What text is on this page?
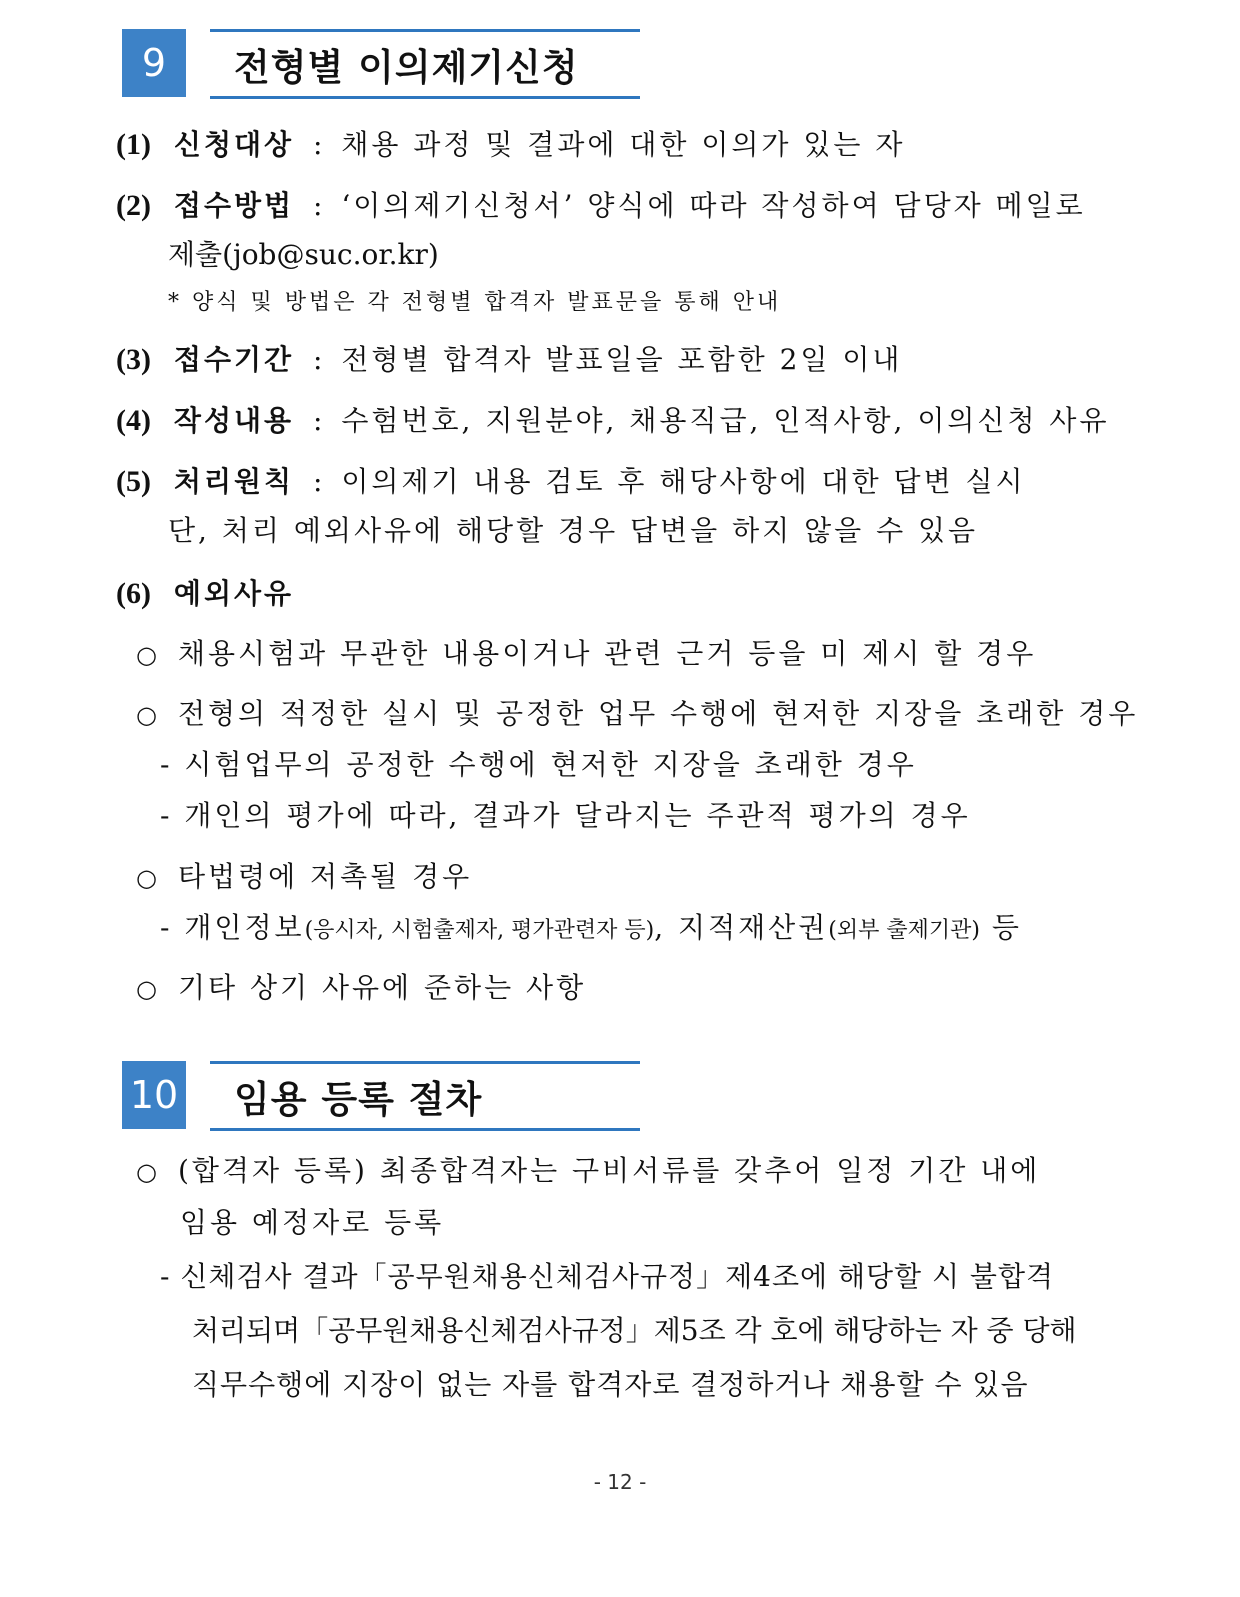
9	전형별 이의제기신청
(1) 신청대상 : 채용 과정 및 결과에 대한 이의가 있는 자
(2) 접수방법 : ‘이의제기신청서’ 양식에 따라 작성하여 담당자 메일로
제출(job@suc.or.kr)
* 양식 및 방법은 각 전형별 합격자 발표문을 통해 안내
(3) 접수기간 : 전형별 합격자 발표일을 포함한 2일 이내
(4) 작성내용 : 수험번호, 지원분야, 채용직급, 인적사항, 이의신청 사유
(5) 처리원칙 : 이의제기 내용 검토 후 해당사항에 대한 답변 실시
단, 처리 예외사유에 해당할 경우 답변을 하지 않을 수 있음
(6) 예외사유
○ 채용시험과 무관한 내용이거나 관련 근거 등을 미 제시 할 경우
○ 전형의 적정한 실시 및 공정한 업무 수행에 현저한 지장을 초래한 경우
- 시험업무의 공정한 수행에 현저한 지장을 초래한 경우
- 개인의 평가에 따라, 결과가 달라지는 주관적 평가의 경우
○ 타법령에 저촉될 경우
- 개인정보(응시자, 시험출제자, 평가관련자 등), 지적재산권(외부 출제기관) 등
○ 기타 상기 사유에 준하는 사항
10 임용 등록 절차
○ (합격자 등록) 최종합격자는 구비서류를 갖추어 일정 기간 내에
임용 예정자로 등록
- 신체검사 결과「공무원채용신체검사규정」제4조에 해당할 시 불합격
처리되며「공무원채용신체검사규정」제5조 각 호에 해당하는 자 중 당해
직무수행에 지장이 없는 자를 합격자로 결정하거나 채용할 수 있음
- 12 -
